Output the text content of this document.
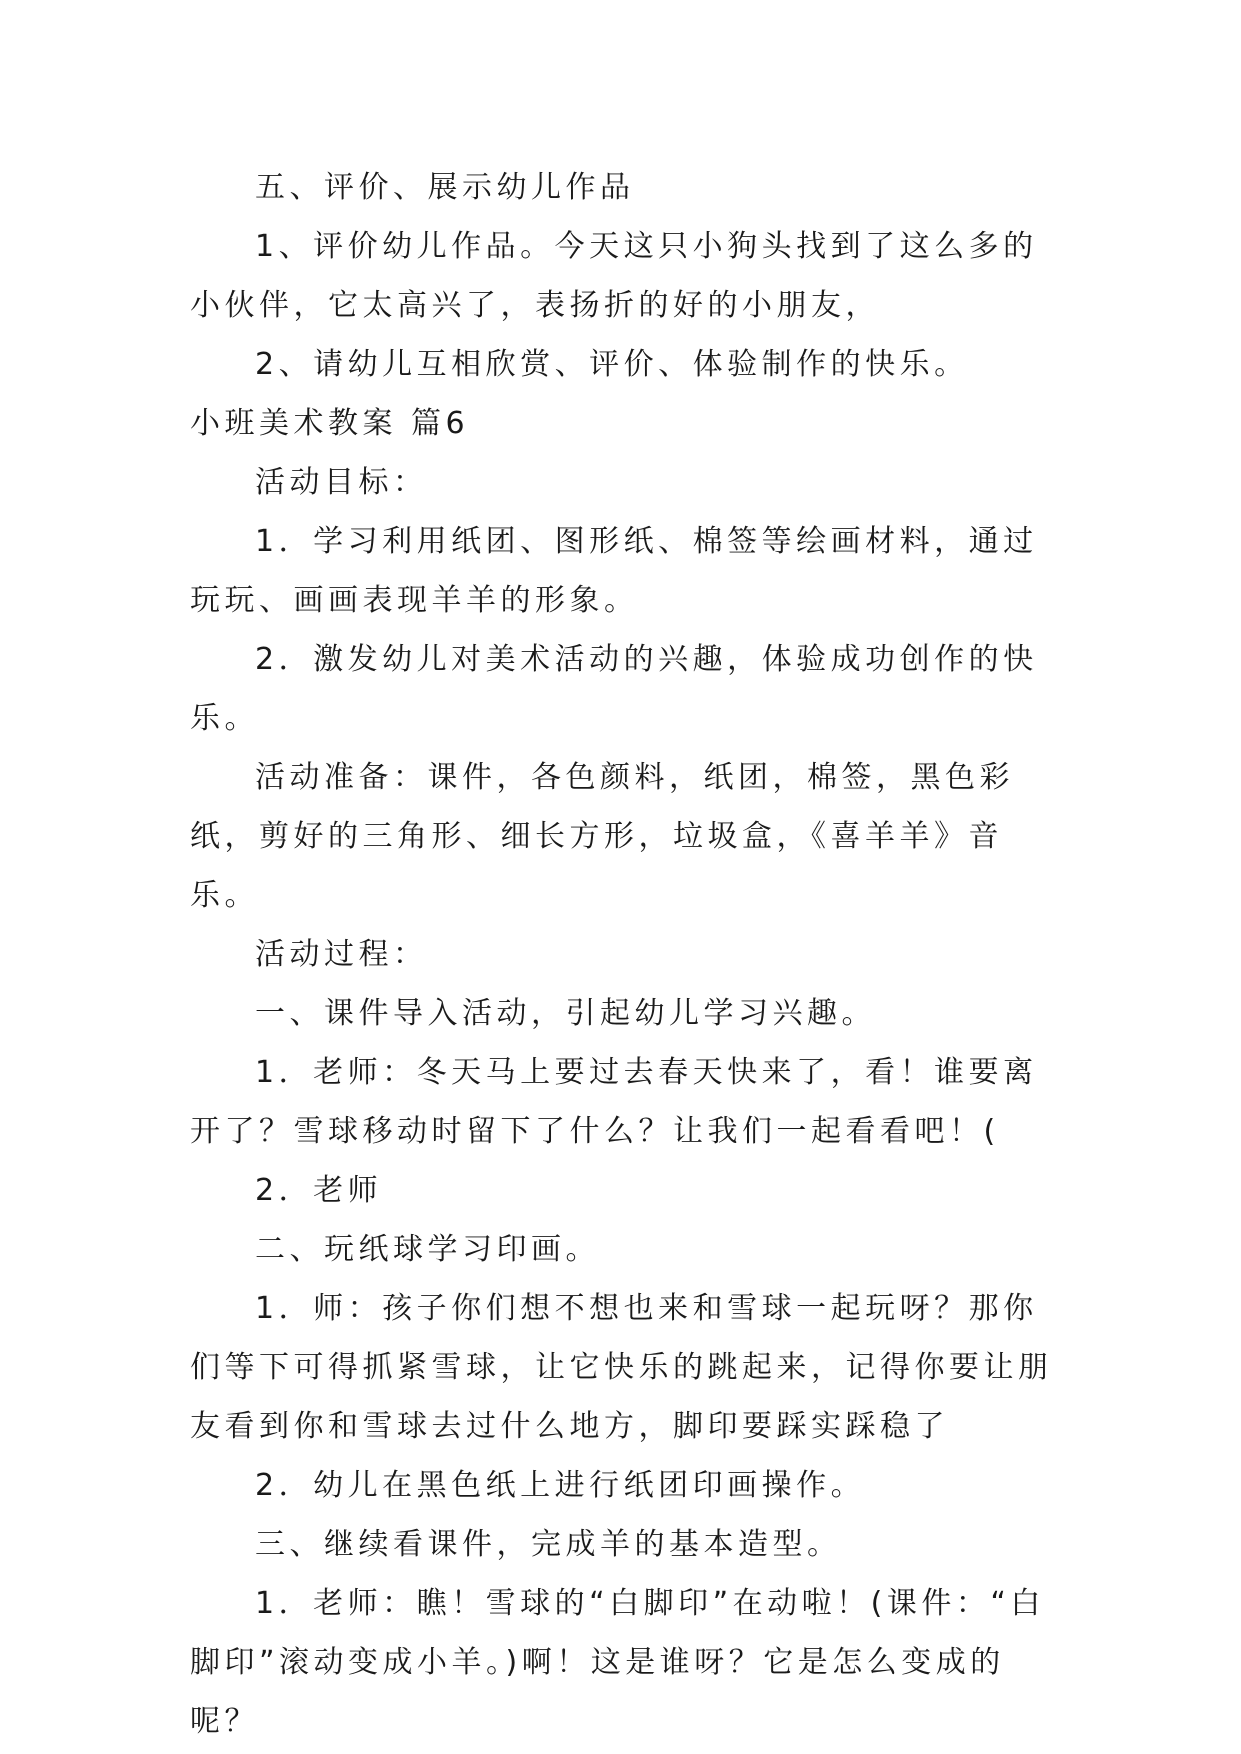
五、评价、展示幼儿作品

1、评价幼儿作品。今天这只小狗头找到了这么多的小伙伴，它太高兴了，表扬折的好的小朋友，

2、请幼儿互相欣赏、评价、体验制作的快乐。

小班美术教案 篇6

活动目标：

1．学习利用纸团、图形纸、棉签等绘画材料，通过玩玩、画画表现羊羊的形象。

2．激发幼儿对美术活动的兴趣，体验成功创作的快乐。

活动准备：课件，各色颜料，纸团，棉签，黑色彩纸，剪好的三角形、细长方形，垃圾盒，《喜羊羊》音乐。

活动过程：

一、课件导入活动，引起幼儿学习兴趣。

1．老师：冬天马上要过去春天快来了，看！谁要离开了？雪球移动时留下了什么？让我们一起看看吧！(

2．老师

二、玩纸球学习印画。

1．师：孩子你们想不想也来和雪球一起玩呀？那你们等下可得抓紧雪球，让它快乐的跳起来，记得你要让朋友看到你和雪球去过什么地方，脚印要踩实踩稳了

2．幼儿在黑色纸上进行纸团印画操作。

三、继续看课件，完成羊的基本造型。

1．老师：瞧！雪球的“白脚印”在动啦！(课件：“白脚印”滚动变成小羊。)啊！这是谁呀？它是怎么变成的呢？
